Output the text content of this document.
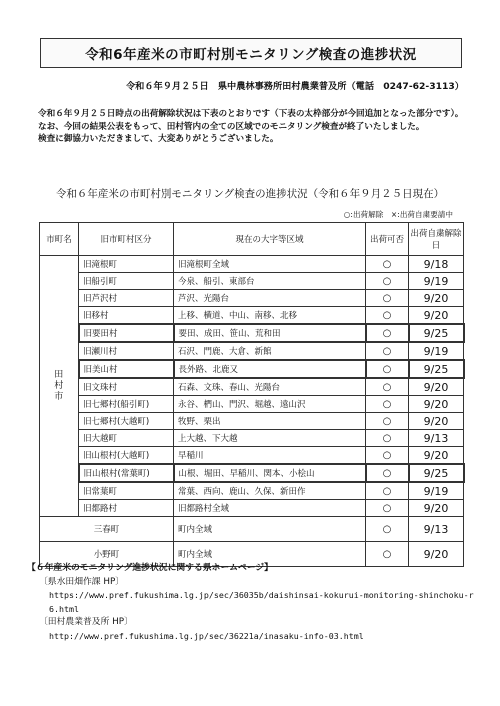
令和6年産米の市町村別モニタリング検査の進捗状況
令和６年９月２５日　県中農林事務所田村農業普及所（電話　0247-62-3113）

令和６年９月２５日時点の出荷解除状況は下表のとおりです（下表の太枠部分が今回追加となった部分です）。

なお、今回の結果公表をもって、田村管内の全ての区域でのモニタリング検査が終了いたしました。

検査に御協力いただきまして、大変ありがとうございました。

令和６年産米の市町村別モニタリング検査の進捗状況（令和６年９月２５日現在）
○:出荷解除　×:出荷自粛要請中
市町名	旧市町村区分	現在の大字等区域	出荷可否	出荷自粛解除日
田村市	旧滝根町	旧滝根町全域	○	9/18
	旧船引町	今泉、船引、東部台	○	9/19
	旧芦沢村	芦沢、光陽台	○	9/20
	旧移村	上移、横道、中山、南移、北移	○	9/20
	旧要田村	要田、成田、笹山、荒和田	○	9/25
	旧瀬川村	石沢、門鹿、大倉、新館	○	9/19
	旧美山村	長外路、北鹿又	○	9/25
	旧文珠村	石森、文珠、春山、光陽台	○	9/20
	旧七郷村(船引町)	永谷、椚山、門沢、堀越、遠山沢	○	9/20
	旧七郷村(大越町)	牧野、栗出	○	9/20
	旧大越町	上大越、下大越	○	9/13
	旧山根村(大越町)	早稲川	○	9/20
	旧山根村(常葉町)	山根、堀田、早稲川、関本、小桧山	○	9/25
	旧常葉町	常葉、西向、鹿山、久保、新田作	○	9/19
	旧都路村	旧都路村全域	○	9/20
三春町		町内全域	○	9/13
小野町		町内全域	○	9/20
【６年産米のモニタリング進捗状況に関する県ホームページ】
〔県水田畑作課 HP〕
https://www.pref.fukushima.lg.jp/sec/36035b/daishinsai-kokurui-monitoring-shinchoku-r6.html
〔田村農業普及所 HP〕
http://www.pref.fukushima.lg.jp/sec/36221a/inasaku-info-03.html
